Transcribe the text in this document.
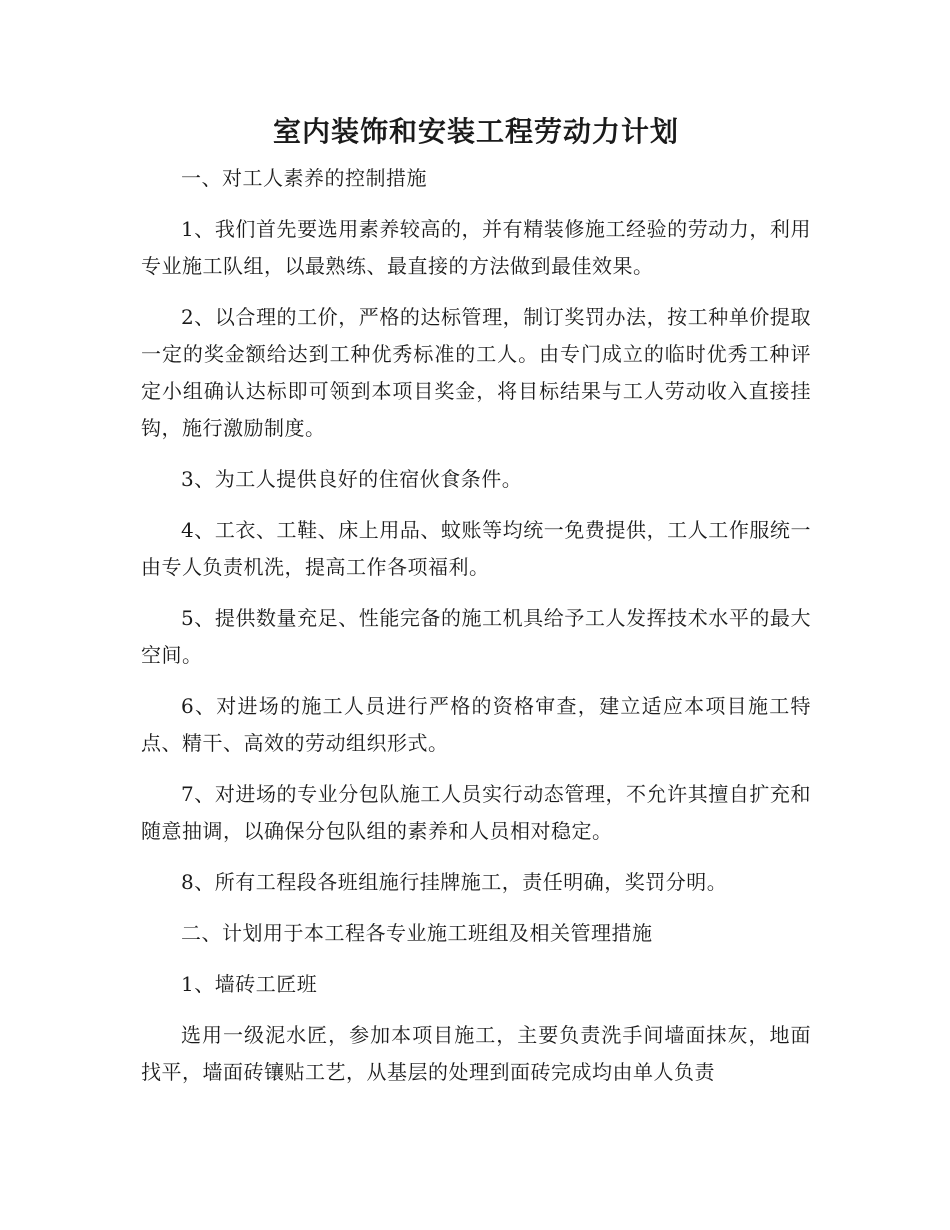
室内装饰和安装工程劳动力计划

一、对工人素养的控制措施

1、我们首先要选用素养较高的，并有精装修施工经验的劳动力，利用专业施工队组，以最熟练、最直接的方法做到最佳效果。

2、以合理的工价，严格的达标管理，制订奖罚办法，按工种单价提取一定的奖金额给达到工种优秀标准的工人。由专门成立的临时优秀工种评定小组确认达标即可领到本项目奖金，将目标结果与工人劳动收入直接挂钩，施行激励制度。

3、为工人提供良好的住宿伙食条件。

4、工衣、工鞋、床上用品、蚊账等均统一免费提供，工人工作服统一由专人负责机洗，提高工作各项福利。

5、提供数量充足、性能完备的施工机具给予工人发挥技术水平的最大空间。

6、对进场的施工人员进行严格的资格审查，建立适应本项目施工特点、精干、高效的劳动组织形式。

7、对进场的专业分包队施工人员实行动态管理，不允许其擅自扩充和随意抽调，以确保分包队组的素养和人员相对稳定。

8、所有工程段各班组施行挂牌施工，责任明确，奖罚分明。

二、计划用于本工程各专业施工班组及相关管理措施

1、墙砖工匠班

选用一级泥水匠，参加本项目施工，主要负责洗手间墙面抹灰，地面找平，墙面砖镶贴工艺，从基层的处理到面砖完成均由单人负责
